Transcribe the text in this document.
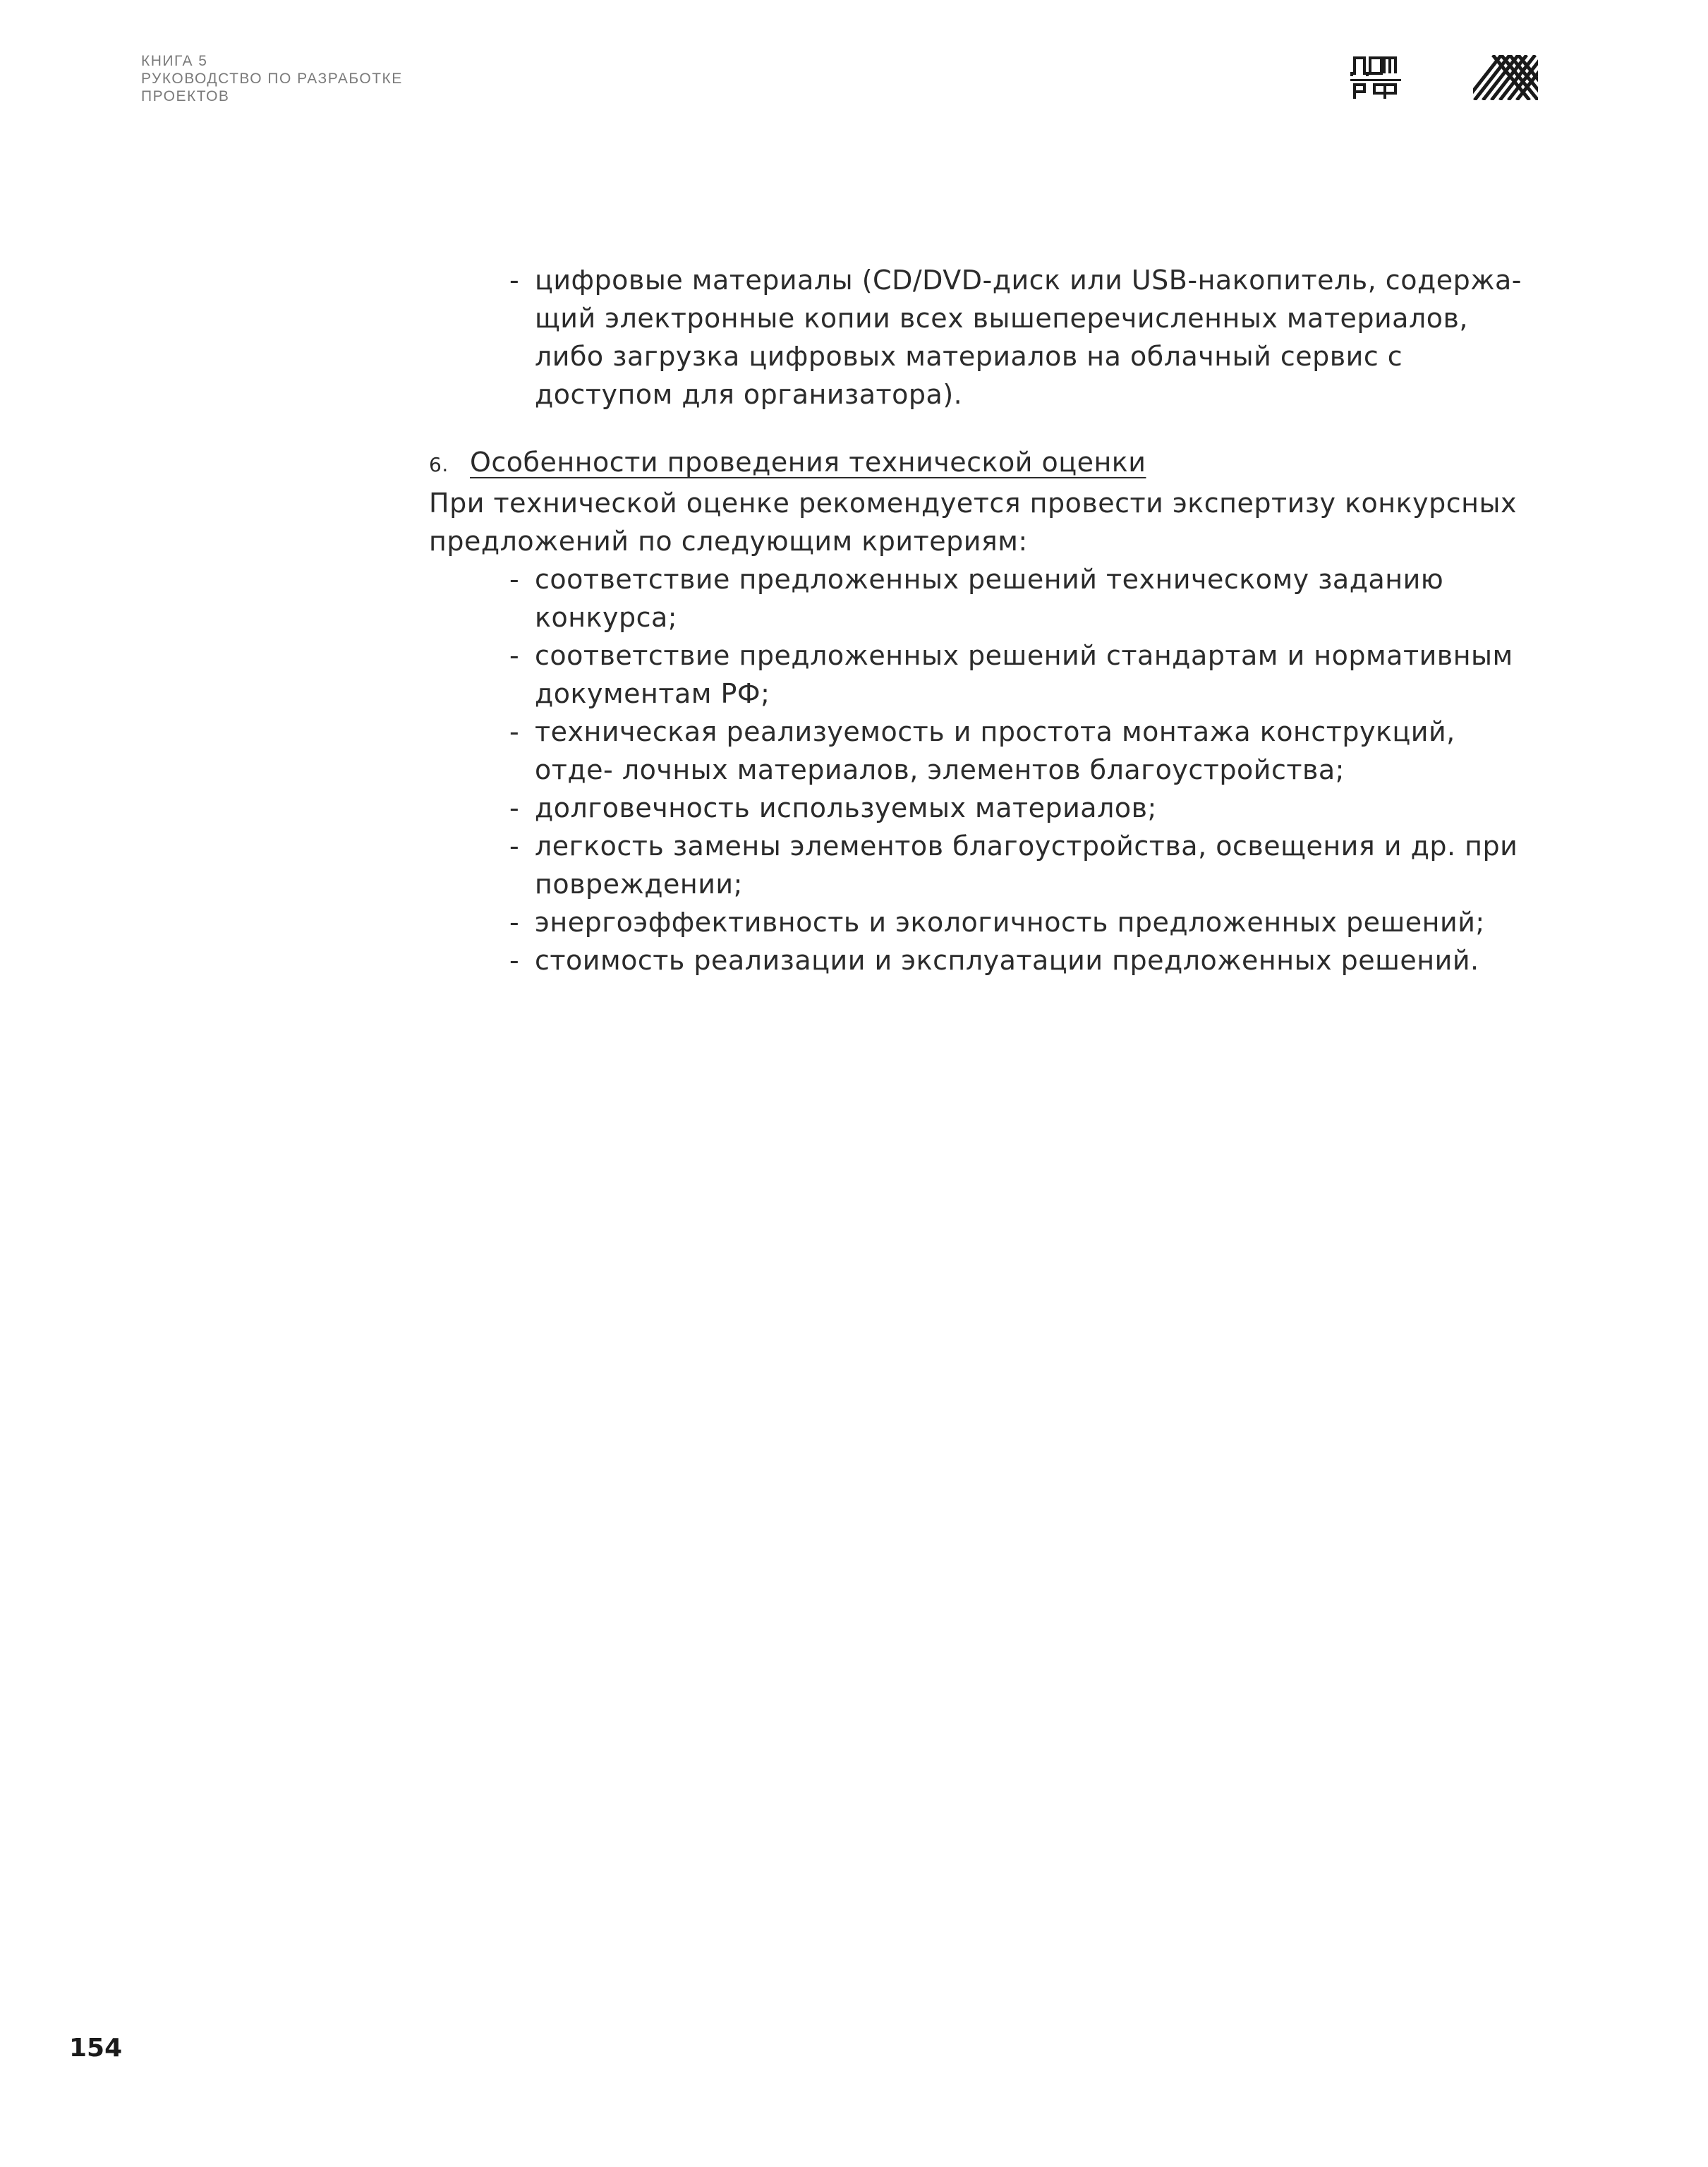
КНИГА 5
РУКОВОДСТВО ПО РАЗРАБОТКЕ
ПРОЕКТОВ
- цифровые материалы (CD/DVD-диск или USB-накопитель, содержа- щий электронные копии всех вышеперечисленных материалов, либо загрузка цифровых материалов на облачный сервис с доступом для организатора).
6. Особенности проведения технической оценки

При технической оценке рекомендуется провести экспертизу конкурсных предложений по следующим критериям:

- соответствие предложенных решений техническому заданию конкурса;
- соответствие предложенных решений стандартам и нормативным документам РФ;
- техническая реализуемость и простота монтажа конструкций, отде- лочных материалов, элементов благоустройства;
- долговечность используемых материалов;
- легкость замены элементов благоустройства, освещения и др. при повреждении;
- энергоэффективность и экологичность предложенных решений;
- стоимость реализации и эксплуатации предложенных решений.
154
